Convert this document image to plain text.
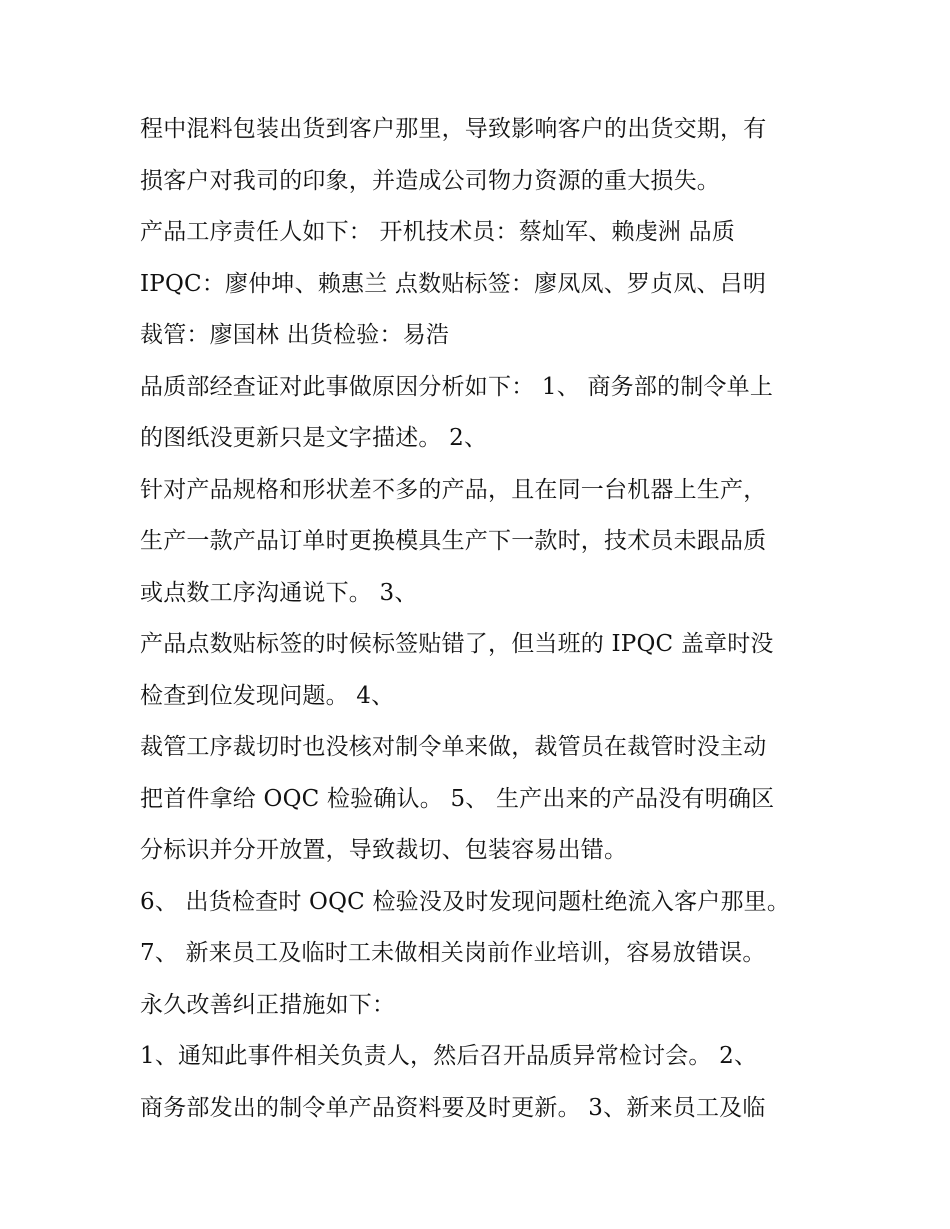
程中混料包装出货到客户那里，导致影响客户的出货交期，有
损客户对我司的印象，并造成公司物力资源的重大损失。
产品工序责任人如下： 开机技术员：蔡灿军、赖虔洲 品质
IPQC：廖仲坤、赖惠兰 点数贴标签：廖凤凤、罗贞凤、吕明
裁管：廖国林 出货检验：易浩
品质部经查证对此事做原因分析如下： 1、 商务部的制令单上
的图纸没更新只是文字描述。 2、
针对产品规格和形状差不多的产品，且在同一台机器上生产，
生产一款产品订单时更换模具生产下一款时，技术员未跟品质
或点数工序沟通说下。 3、
产品点数贴标签的时候标签贴错了，但当班的 IPQC 盖章时没
检查到位发现问题。 4、
裁管工序裁切时也没核对制令单来做，裁管员在裁管时没主动
把首件拿给 OQC 检验确认。 5、 生产出来的产品没有明确区
分标识并分开放置，导致裁切、包装容易出错。
6、 出货检查时 OQC 检验没及时发现问题杜绝流入客户那里。
7、 新来员工及临时工未做相关岗前作业培训，容易放错误。
永久改善纠正措施如下：
1、通知此事件相关负责人，然后召开品质异常检讨会。 2、
商务部发出的制令单产品资料要及时更新。 3、新来员工及临
